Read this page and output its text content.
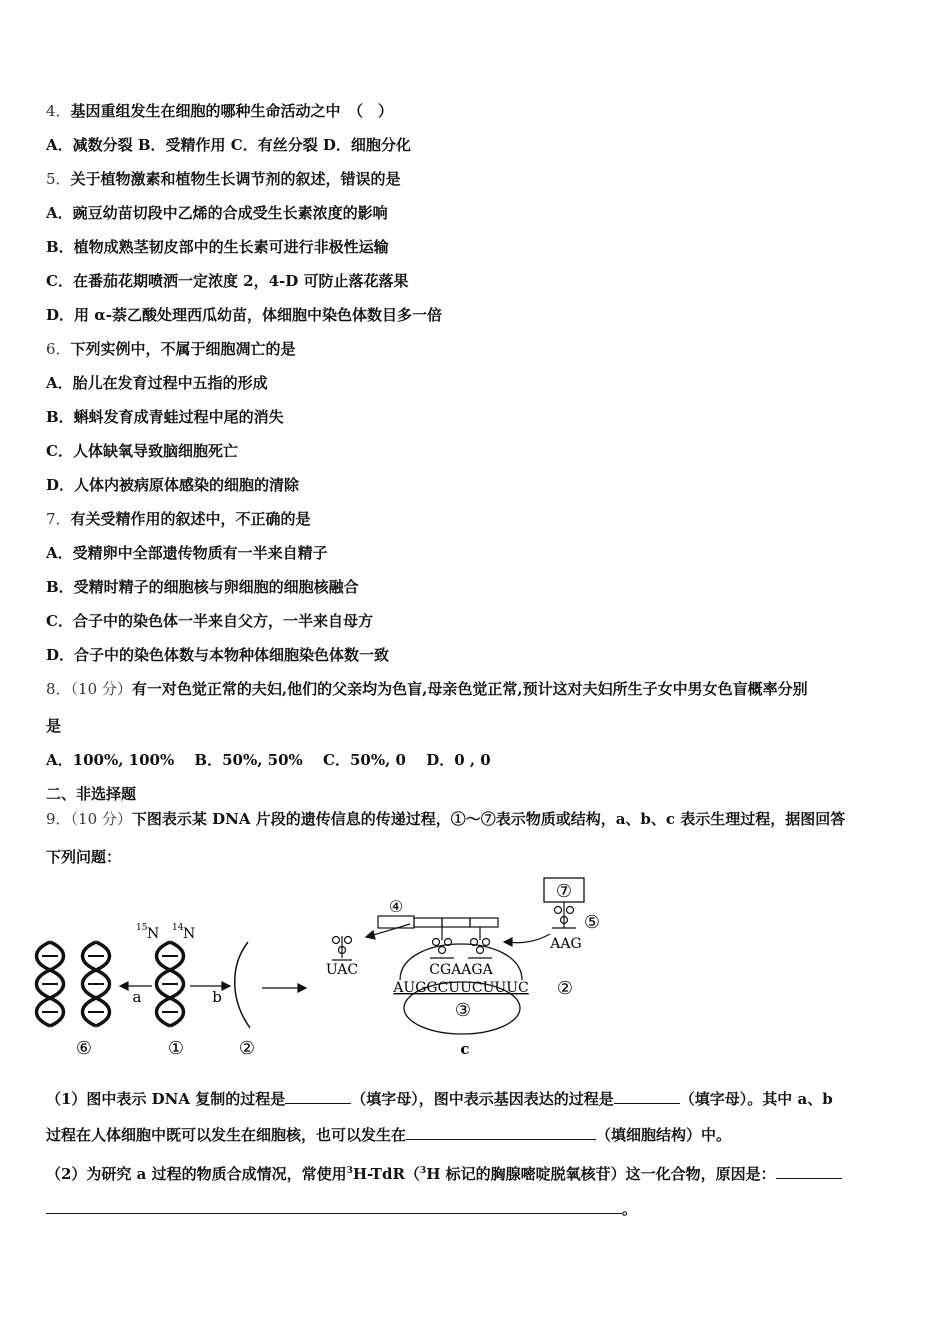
4．基因重组发生在细胞的哪种生命活动之中　（　）
A．减数分裂 B．受精作用 C．有丝分裂 D．细胞分化
5．关于植物激素和植物生长调节剂的叙述，错误的是
A．豌豆幼苗切段中乙烯的合成受生长素浓度的影响
B．植物成熟茎韧皮部中的生长素可进行非极性运输
C．在番茄花期喷洒一定浓度 2，4-D 可防止落花落果
D．用 α-萘乙酸处理西瓜幼苗，体细胞中染色体数目多一倍
6．下列实例中，不属于细胞凋亡的是
A．胎儿在发育过程中五指的形成
B．蝌蚪发育成青蛙过程中尾的消失
C．人体缺氧导致脑细胞死亡
D．人体内被病原体感染的细胞的清除
7．有关受精作用的叙述中，不正确的是
A．受精卵中全部遗传物质有一半来自精子
B．受精时精子的细胞核与卵细胞的细胞核融合
C．合子中的染色体一半来自父方，一半来自母方
D．合子中的染色体数与本物种体细胞染色体数一致
8．（10 分）有一对色觉正常的夫妇,他们的父亲均为色盲,母亲色觉正常,预计这对夫妇所生子女中男女色盲概率分别
是
A．100%, 100%　 B．50%, 50%　 C．50%, 0　 D．0 , 0
二、非选择题
9．（10 分）下图表示某 DNA 片段的遗传信息的传递过程，①～⑦表示物质或结构，a、b、c 表示生理过程，据图回答
下列问题：
a
15 N 14 N
b
⑥	①	②
UAC
④
CGAAGA
AUGGCUUCUUUC ②
③
c
⑦
⑤
AAG
（1）图中表示 DNA 复制的过程是	（填字母），图中表示基因表达的过程是	（填字母）。其中 a、b
过程在人体细胞中既可以发生在细胞核，也可以发生在	（填细胞结构）中。
（2）为研究 a 过程的物质合成情况，常使用$^3$H-TdR（$^3$H 标记的胸腺嘧啶脱氧核苷）这一化合物，原因是：
。
